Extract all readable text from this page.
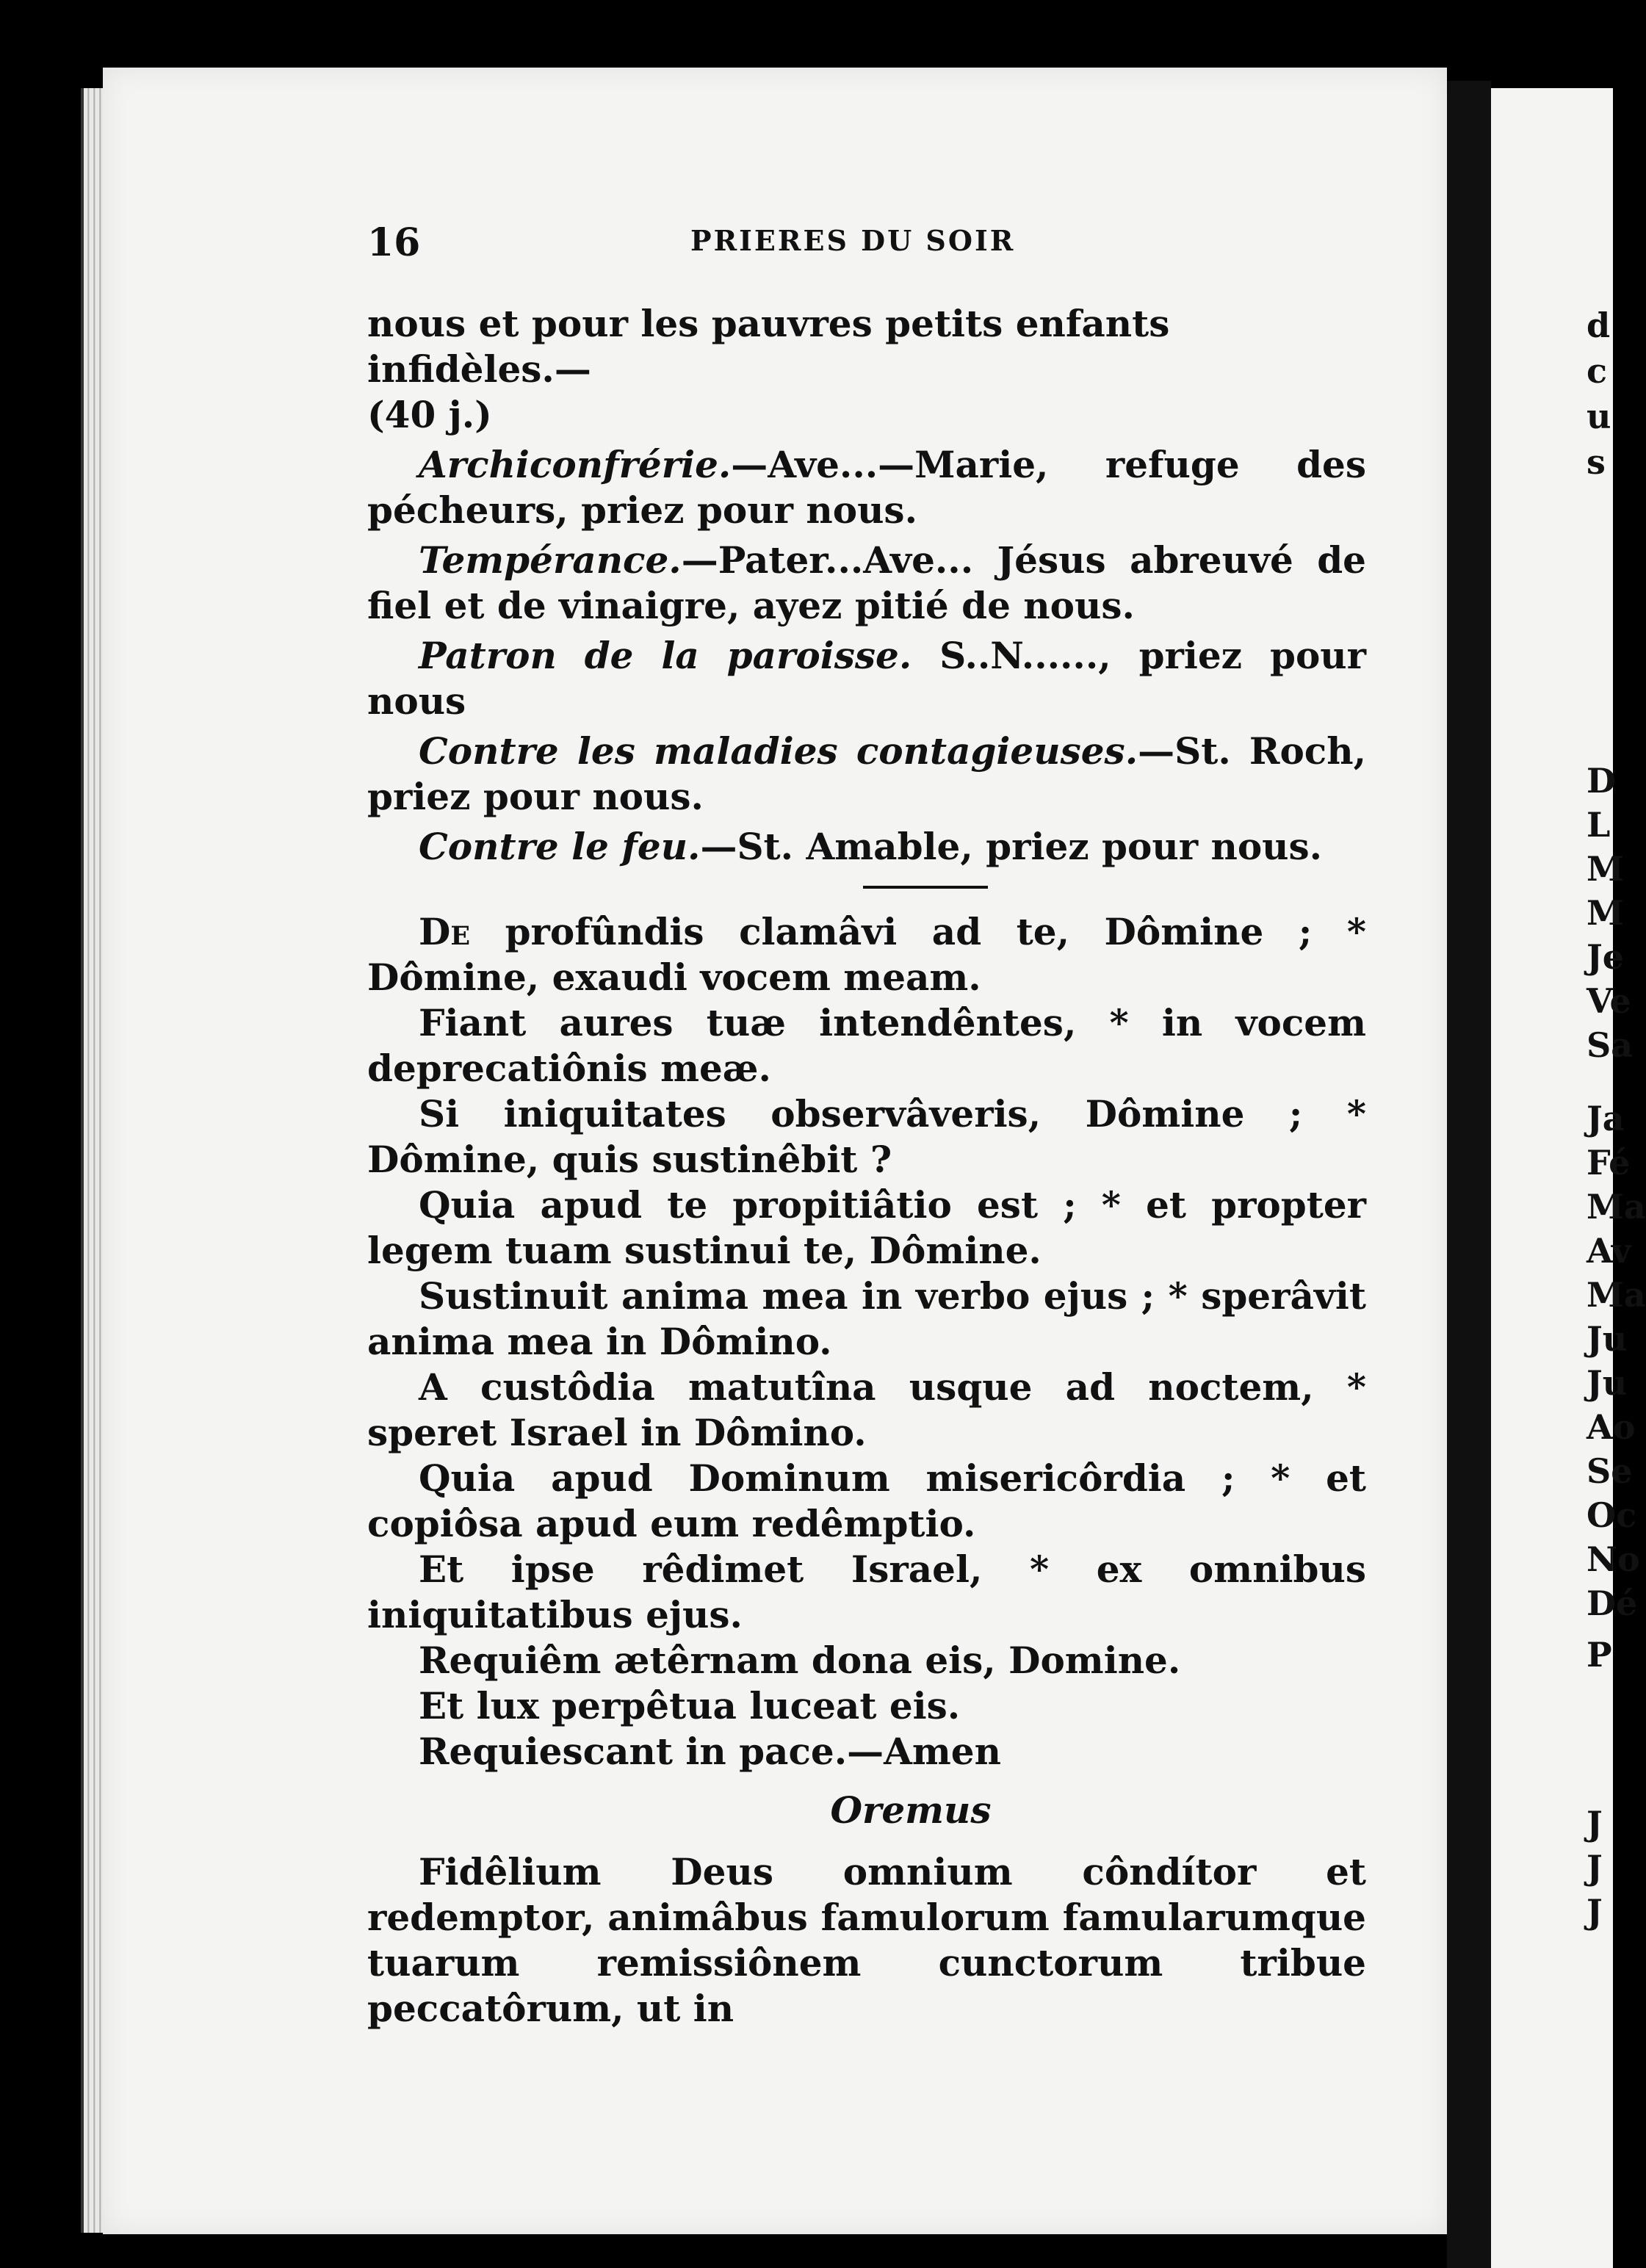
d
c
u
s
D
L
M
M
Je
Ve
Sa
Ja
Fé
Ma
Av
Ma
Ju
Ju
Ao
Se
Oc
No
Dé
P
J
J
J
16	PRIERES DU SOIR

nous et pour les pauvres petits enfants infidèles.—
(40 j.)

Archiconfrérie.—Ave...—Marie, refuge des pécheurs, priez pour nous.

Tempérance.—Pater...Ave... Jésus abreuvé de fiel et de vinaigre, ayez pitié de nous.

Patron de la paroisse. S..N......, priez pour nous

Contre les maladies contagieuses.—St. Roch, priez pour nous.

Contre le feu.—St. Amable, priez pour nous.

De profûndis clamâvi ad te, Dômine ; * Dômine, exaudi vocem meam.

Fiant aures tuæ intendêntes, * in vocem deprecatiônis meæ.

Si iniquitates observâveris, Dômine ; * Dômine, quis sustinêbit ?

Quia apud te propitiâtio est ; * et propter legem tuam sustinui te, Dômine.

Sustinuit anima mea in verbo ejus ; * sperâvit anima mea in Dômino.

A custôdia matutîna usque ad noctem, * speret Israel in Dômino.

Quia apud Dominum misericôrdia ; * et copiôsa apud eum redêmptio.

Et ipse rêdimet Israel, * ex omnibus iniquitatibus ejus.

Requiêm ætêrnam dona eis, Domine.

Et lux perpêtua luceat eis.

Requiescant in pace.—Amen

Oremus

Fidêlium Deus omnium côndítor et redemptor, animâbus famulorum famularumque tuarum remissiônem cunctorum tribue peccatôrum, ut in
